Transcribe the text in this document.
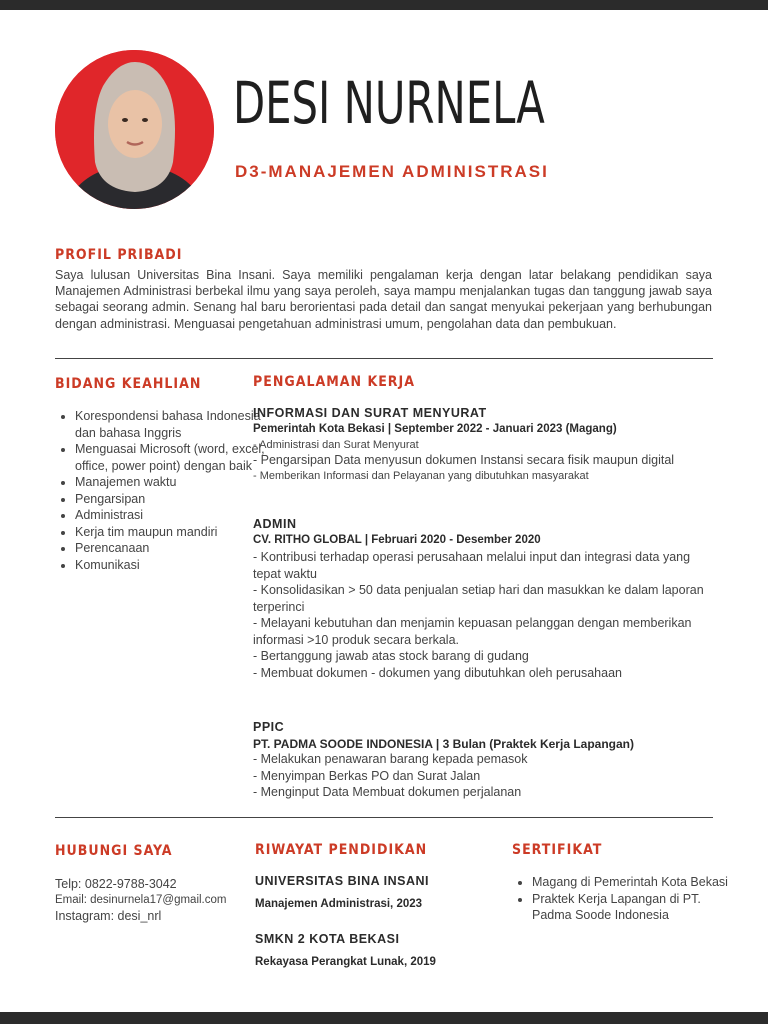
DESI NURNELA
D3-MANAJEMEN ADMINISTRASI
PROFIL PRIBADI

Saya lulusan Universitas Bina Insani. Saya memiliki pengalaman kerja dengan latar belakang pendidikan saya Manajemen Administrasi berbekal ilmu yang saya peroleh, saya mampu menjalankan tugas dan tanggung jawab saya sebagai seorang admin. Senang hal baru berorientasi pada detail dan sangat menyukai pekerjaan yang berhubungan dengan administrasi. Menguasai pengetahuan administrasi umum, pengolahan data dan pembukuan.

BIDANG KEAHLIAN
• Korespondensi bahasa Indonesia dan bahasa Inggris
• Menguasai Microsoft (word, excel, office, power point) dengan baik
• Manajemen waktu
• Pengarsipan
• Administrasi
• Kerja tim maupun mandiri
• Perencanaan
• Komunikasi
PENGALAMAN KERJA
INFORMASI DAN SURAT MENYURAT
Pemerintah Kota Bekasi | September 2022 - Januari 2023 (Magang)
- Administrasi dan Surat Menyurat
- Pengarsipan Data menyusun dokumen Instansi secara fisik maupun digital
- Memberikan Informasi dan Pelayanan yang dibutuhkan masyarakat
ADMIN
CV. RITHO GLOBAL | Februari 2020 - Desember 2020
- Kontribusi terhadap operasi perusahaan melalui input dan integrasi data yang tepat waktu
- Konsolidasikan > 50 data penjualan setiap hari dan masukkan ke dalam laporan terperinci
- Melayani kebutuhan dan menjamin kepuasan pelanggan dengan memberikan informasi >10 produk secara berkala.
- Bertanggung jawab atas stock barang di gudang
- Membuat dokumen - dokumen yang dibutuhkan oleh perusahaan
PPIC
PT. PADMA SOODE INDONESIA | 3 Bulan (Praktek Kerja Lapangan)
- Melakukan penawaran barang kepada pemasok
- Menyimpan Berkas PO dan Surat Jalan
- Menginput Data Membuat dokumen perjalanan
HUBUNGI SAYA
Telp: 0822-9788-3042
Email: desinurnela17@gmail.com
Instagram: desi_nrl
RIWAYAT PENDIDIKAN
UNIVERSITAS BINA INSANI
Manajemen Administrasi, 2023
SMKN 2 KOTA BEKASI
Rekayasa Perangkat Lunak, 2019
SERTIFIKAT
• Magang di Pemerintah Kota Bekasi
• Praktek Kerja Lapangan di PT. Padma Soode Indonesia
